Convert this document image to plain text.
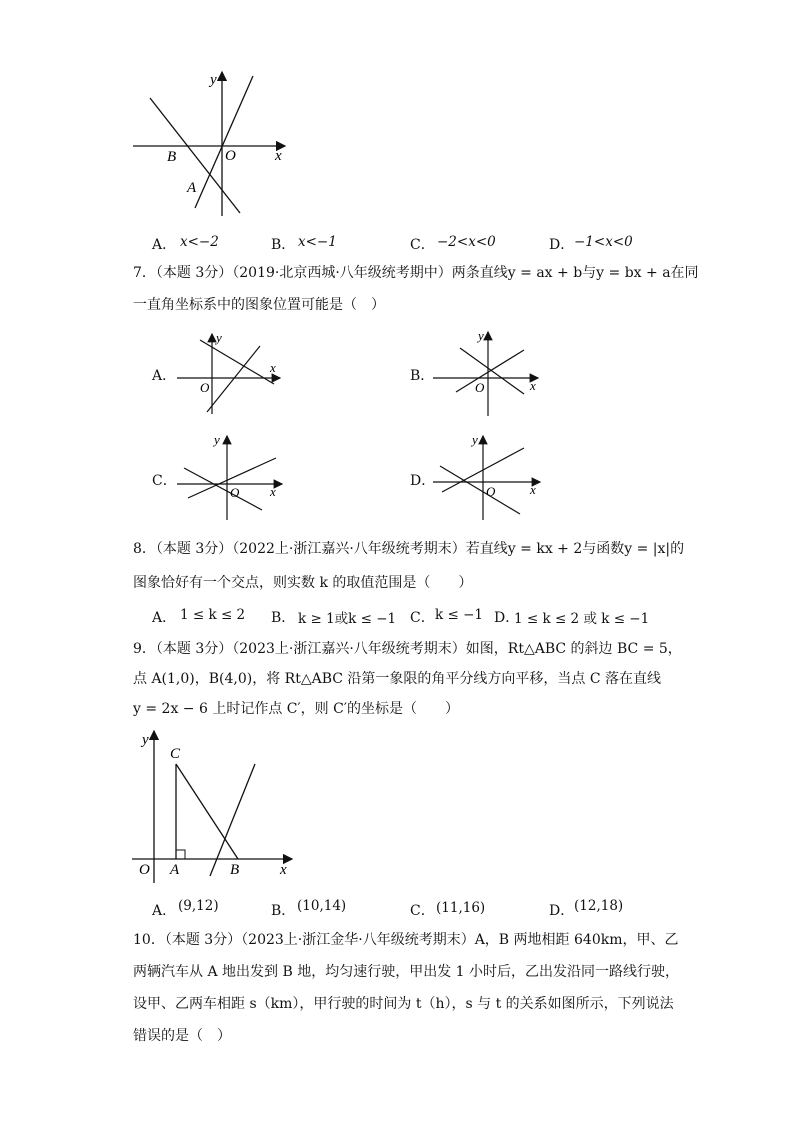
y
x
O
B
A
A． x<−2	B． x<−1	C． −2<x<0	D． −1<x<0
7．（本题 3分）（2019·北京西城·八年级统考期中）两条直线y = ax + b与y = bx + a在同
一直角坐标系中的图象位置可能是（　）
A．
y
x
O
B．
y
x
O
C．
y
x
O
D．
y
x
O
8．（本题 3分）（2022上·浙江嘉兴·八年级统考期末）若直线y = kx + 2与函数y = |x|的
图象恰好有一个交点，则实数 k 的取值范围是（　　）
A． 1 ≤ k ≤ 2 B． k ≥ 1或k ≤ −1 C． k ≤ −1 D．
1 ≤ k ≤ 2 或 k ≤ −1
9．（本题 3分）（2023上·浙江嘉兴·八年级统考期末）如图，Rt△ABC 的斜边 BC = 5，
点 A(1,0)，B(4,0)，将 Rt△ABC 沿第一象限的角平分线方向平移，当点 C 落在直线
y = 2x − 6 上时记作点 C′，则 C′的坐标是（　　）
y
x
O A	B
C
A． (9,12)	B． (10,14)	C． (11,16)	D． (12,18)
10．（本题 3分）（2023上·浙江金华·八年级统考期末）A，B 两地相距 640km，甲、乙
两辆汽车从 A 地出发到 B 地，均匀速行驶，甲出发 1 小时后，乙出发沿同一路线行驶，
设甲、乙两车相距 s（km），甲行驶的时间为 t（h），s 与 t 的关系如图所示，下列说法
错误的是（　）
